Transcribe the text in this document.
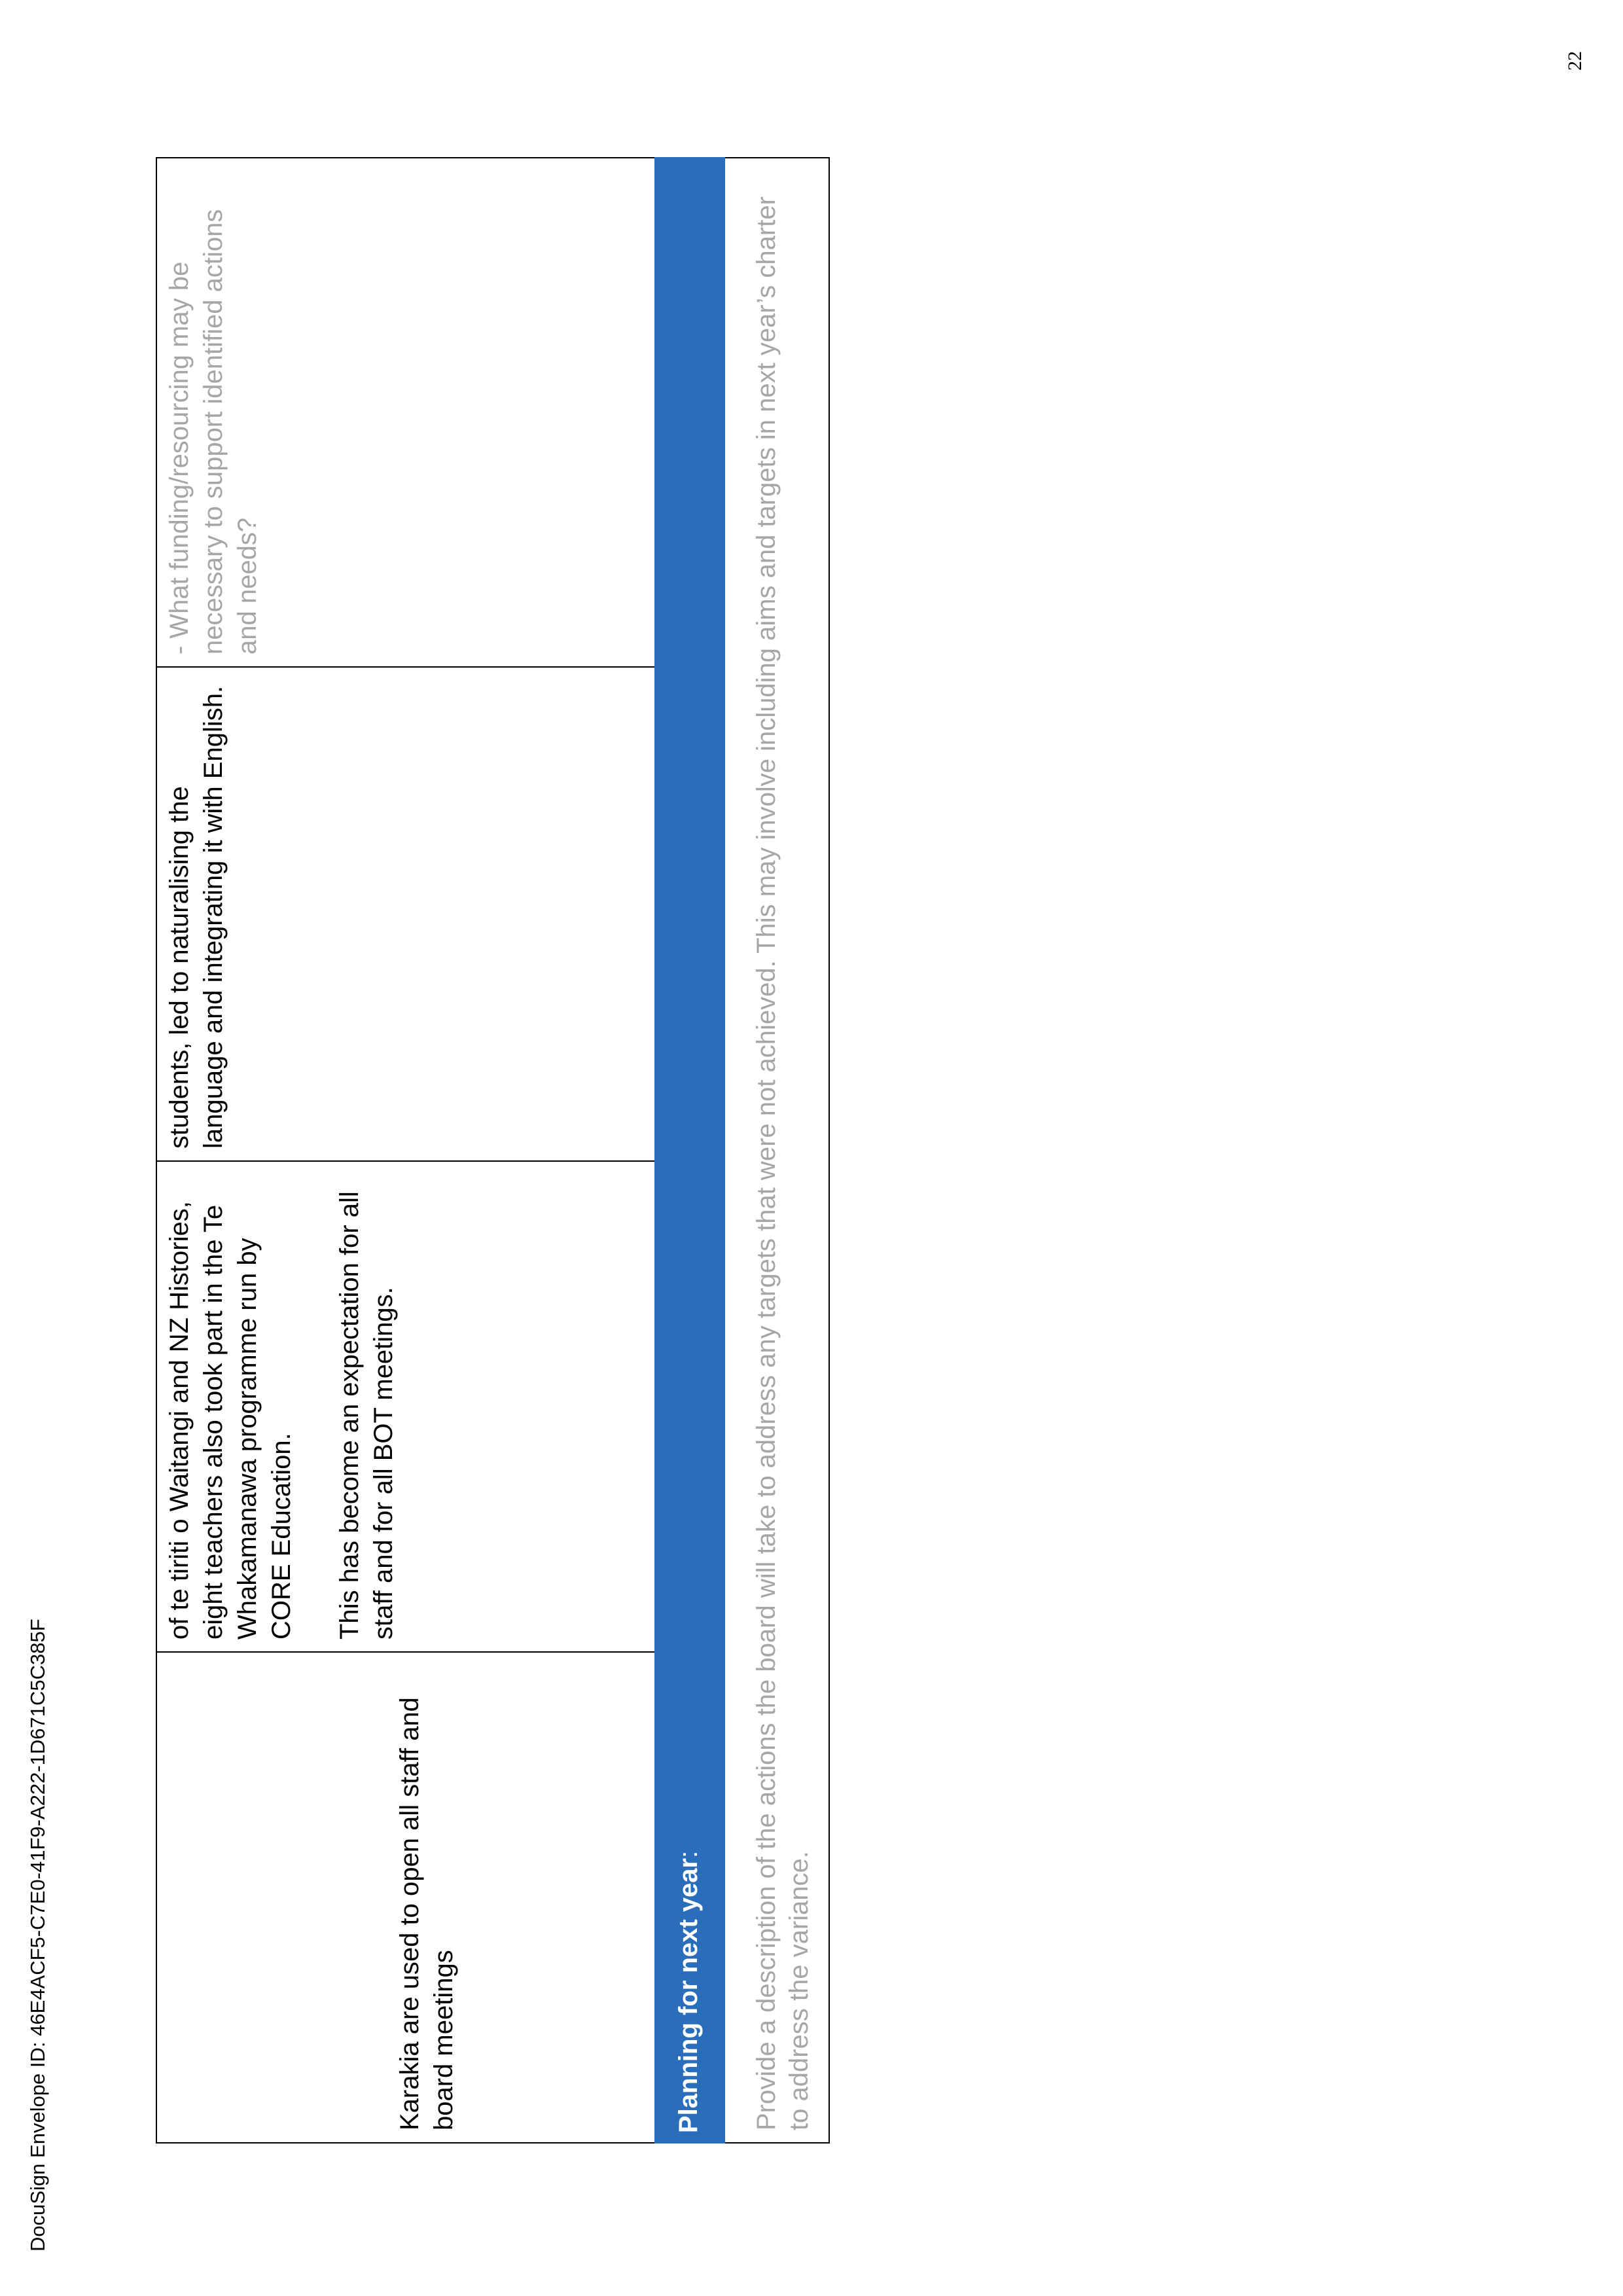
DocuSign Envelope ID: 46E4ACF5-C7E0-41F9-A222-1D671C5C385F
22

Karakia are used to open all staff and board meetings

of te tiriti o Waitangi and NZ Histories, eight teachers also took part in the Te Whakamanawa programme run by CORE Education. This has become an expectation for all staff and for all BOT meetings.

students, led to naturalising the language and integrating it with English.

- What funding/resourcing may be necessary to support identified actions and needs?

Planning for next year: Provide a description of the actions the board will take to address any targets that were not achieved. This may involve including aims and targets in next year’s charter to address the variance.
